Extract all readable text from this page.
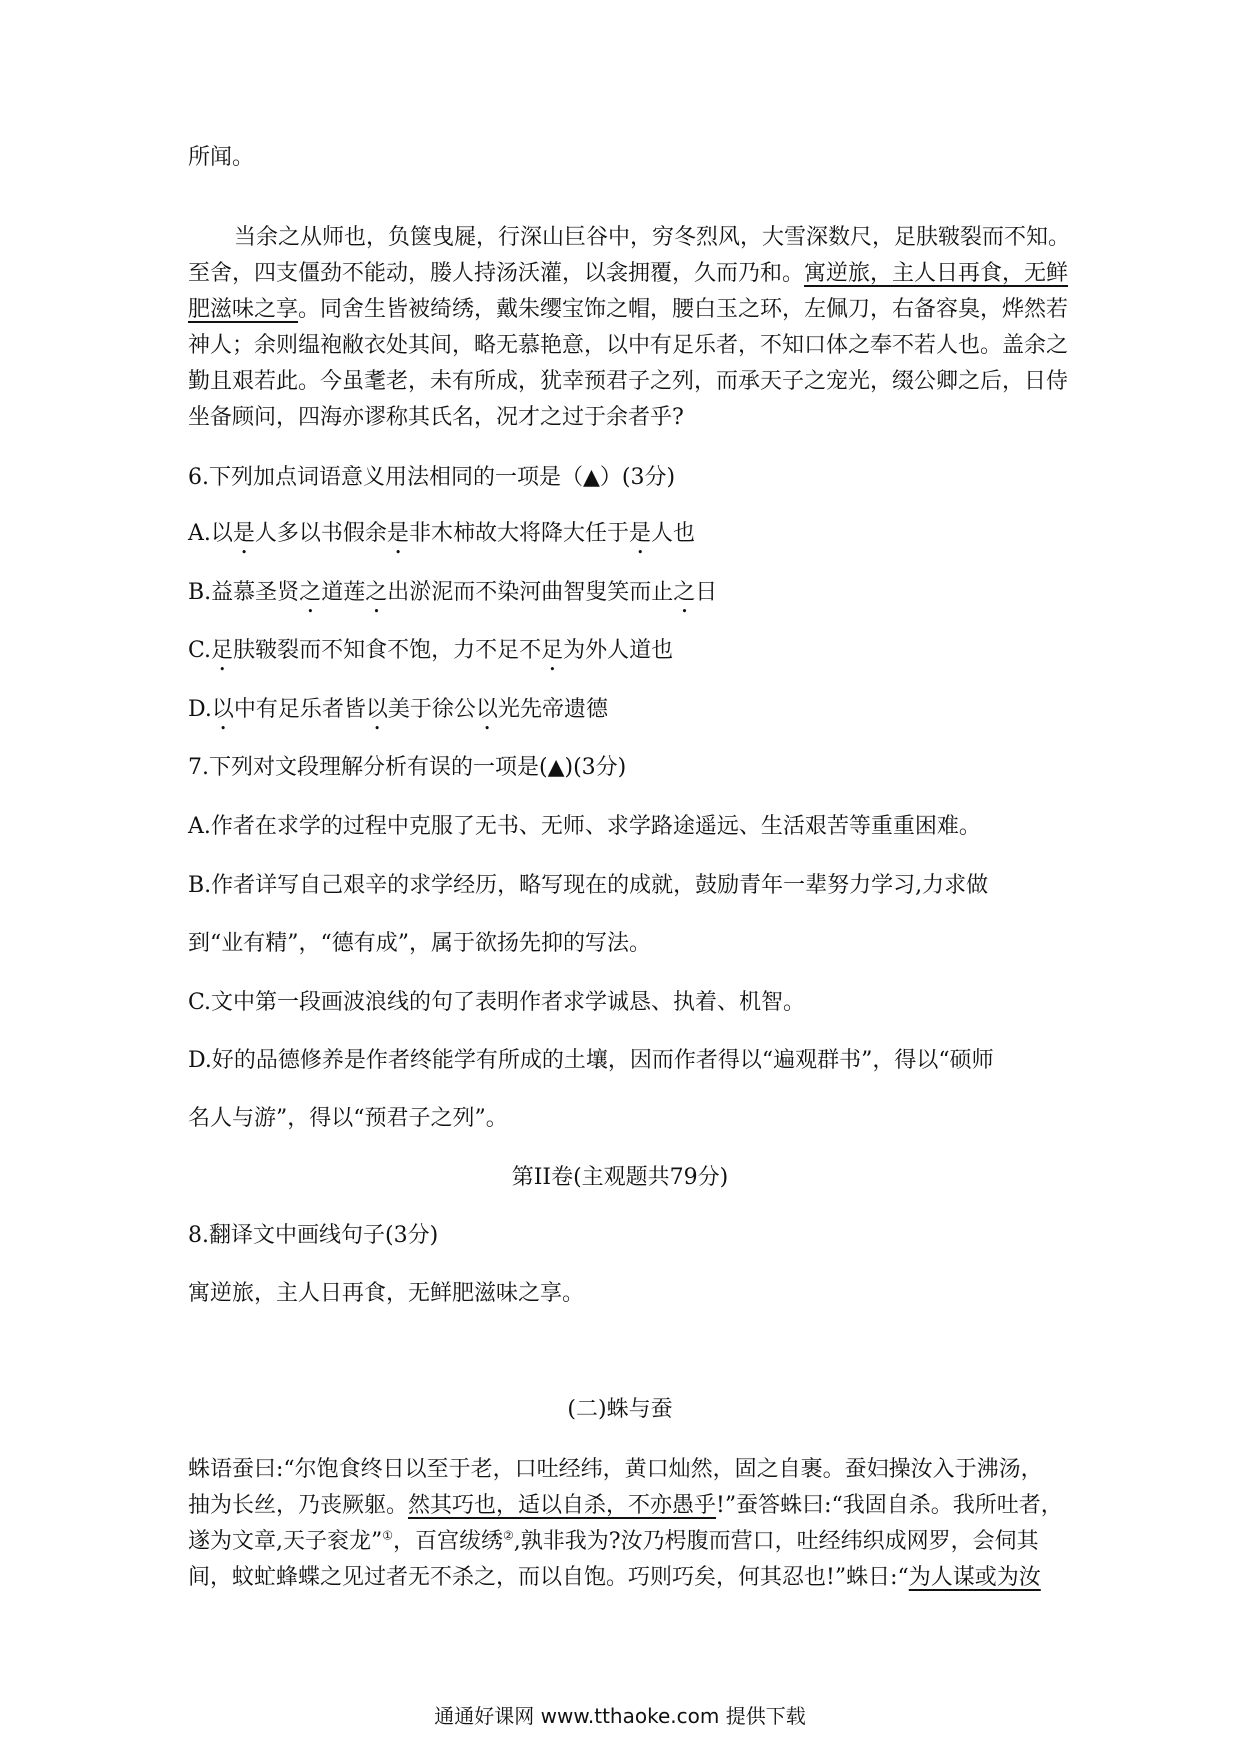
所闻。
当余之从师也，负箧曳屣，行深山巨谷中，穷冬烈风，大雪深数尺，足肤皲裂而不知。
至舍，四支僵劲不能动，媵人持汤沃灌，以衾拥覆，久而乃和。寓逆旅，主人日再食，无鲜
肥滋味之享。同舍生皆被绮绣，戴朱缨宝饰之帽，腰白玉之环，左佩刀，右备容臭，烨然若
神人；余则缊袍敝衣处其间，略无慕艳意，以中有足乐者，不知口体之奉不若人也。盖余之
勤且艰若此。今虽耄老，未有所成，犹幸预君子之列，而承天子之宠光，缀公卿之后，日侍
坐备顾问，四海亦谬称其氏名，况才之过于余者乎?
6.下列加点词语意义用法相同的一项是（▲）(3分)
A.以是人多以书假余是非木柿故大将降大任于是人也
B.益慕圣贤之道莲之出淤泥而不染河曲智叟笑而止之日
C.足肤皲裂而不知食不饱，力不足不足为外人道也
D.以中有足乐者皆以美于徐公以光先帝遗德
7.下列对文段理解分析有误的一项是(▲)(3分)
A.作者在求学的过程中克服了无书、无师、求学路途遥远、生活艰苦等重重困难。
B.作者详写自己艰辛的求学经历，略写现在的成就，鼓励青年一辈努力学习,力求做
到“业有精”，“德有成”，属于欲扬先抑的写法。
C.文中第一段画波浪线的句了表明作者求学诚恳、执着、机智。
D.好的品德修养是作者终能学有所成的土壤，因而作者得以“遍观群书”，得以“硕师
名人与游”，得以“预君子之列”。
第II卷(主观题共79分)
8.翻译文中画线句子(3分)
寓逆旅，主人日再食，无鲜肥滋味之享。
(二)蛛与蚕
蛛语蚕曰:“尔饱食终日以至于老，口吐经纬，黄口灿然，固之自裹。蚕妇操汝入于沸汤，
抽为长丝，乃丧厥躯。然其巧也，适以自杀，不亦愚乎!”蚕答蛛曰:“我固自杀。我所吐者，
遂为文章,天子衮龙”①，百宫绂绣②,孰非我为?汝乃枵腹而营口，吐经纬织成网罗，会伺其
间，蚊虻蜂蝶之见过者无不杀之，而以自饱。巧则巧矣，何其忍也!”蛛日:“为人谋或为汝
通通好课网 www.tthaoke.com 提供下载
